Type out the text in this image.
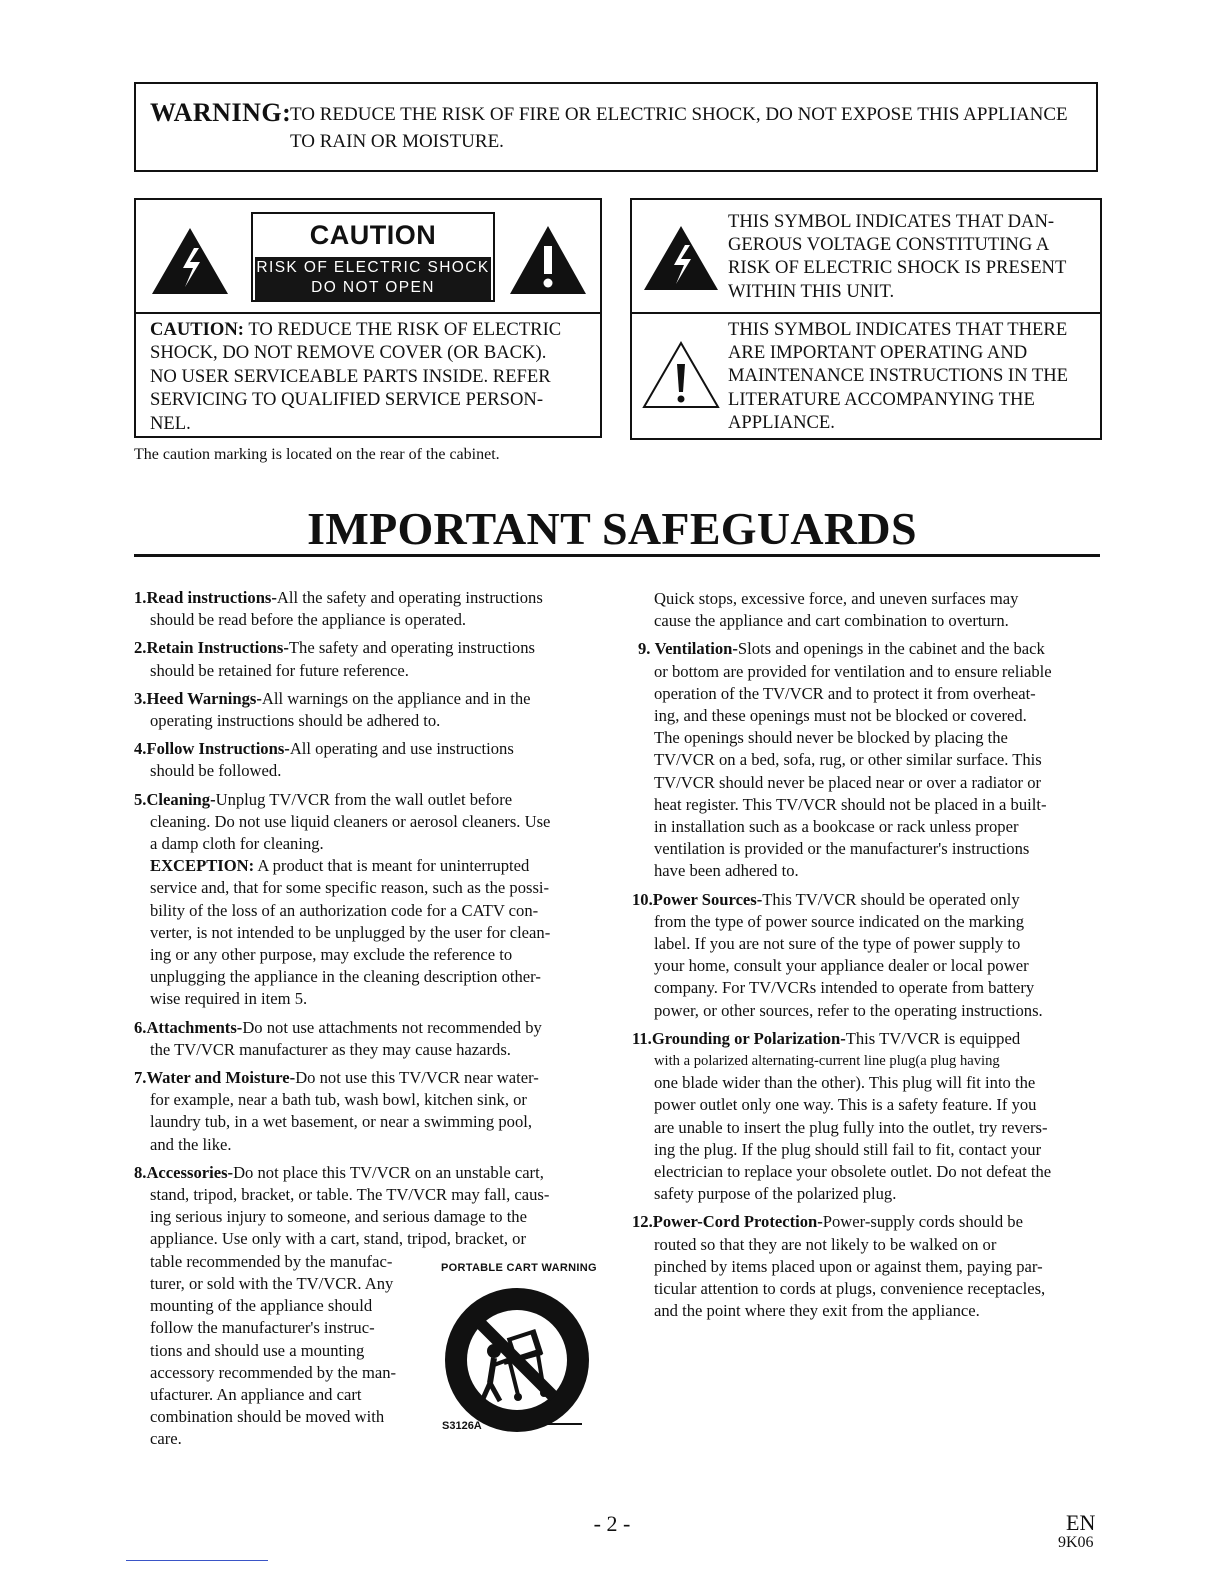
WARNING:
TO REDUCE THE RISK OF FIRE OR ELECTRIC SHOCK, DO NOT EXPOSE THIS APPLIANCE
TO RAIN OR MOISTURE.
CAUTION
RISK OF ELECTRIC SHOCK
DO NOT OPEN
CAUTION: TO REDUCE THE RISK OF ELECTRIC
SHOCK, DO NOT REMOVE COVER (OR BACK).
NO USER SERVICEABLE PARTS INSIDE. REFER
SERVICING TO QUALIFIED SERVICE PERSON-
NEL.
THIS SYMBOL INDICATES THAT DAN-
GEROUS VOLTAGE CONSTITUTING A
RISK OF ELECTRIC SHOCK IS PRESENT
WITHIN THIS UNIT.
THIS SYMBOL INDICATES THAT THERE
ARE IMPORTANT OPERATING AND
MAINTENANCE INSTRUCTIONS IN THE
LITERATURE ACCOMPANYING THE
APPLIANCE.
The caution marking is located on the rear of the cabinet.
IMPORTANT SAFEGUARDS
1.Read instructions-All the safety and operating instructions
should be read before the appliance is operated.
2.Retain Instructions-The safety and operating instructions
should be retained for future reference.
3.Heed Warnings-All warnings on the appliance and in the
operating instructions should be adhered to.
4.Follow Instructions-All operating and use instructions
should be followed.
5.Cleaning-Unplug TV/VCR from the wall outlet before
cleaning. Do not use liquid cleaners or aerosol cleaners. Use
a damp cloth for cleaning.
EXCEPTION: A product that is meant for uninterrupted
service and, that for some specific reason, such as the possi-
bility of the loss of an authorization code for a CATV con-
verter, is not intended to be unplugged by the user for clean-
ing or any other purpose, may exclude the reference to
unplugging the appliance in the cleaning description other-
wise required in item 5.
6.Attachments-Do not use attachments not recommended by
the TV/VCR manufacturer as they may cause hazards.
7.Water and Moisture-Do not use this TV/VCR near water-
for example, near a bath tub, wash bowl, kitchen sink, or
laundry tub, in a wet basement, or near a swimming pool,
and the like.
8.Accessories-Do not place this TV/VCR on an unstable cart,
stand, tripod, bracket, or table. The TV/VCR may fall, caus-
ing serious injury to someone, and serious damage to the
appliance. Use only with a cart, stand, tripod, bracket, or
table recommended by the manufac-
turer, or sold with the TV/VCR. Any
mounting of the appliance should
follow the manufacturer's instruc-
tions and should use a mounting
accessory recommended by the man-
ufacturer. An appliance and cart
combination should be moved with
care.
PORTABLE CART WARNING
S3126A
Quick stops, excessive force, and uneven surfaces may
cause the appliance and cart combination to overturn.
9. Ventilation-Slots and openings in the cabinet and the back
or bottom are provided for ventilation and to ensure reliable
operation of the TV/VCR and to protect it from overheat-
ing, and these openings must not be blocked or covered.
The openings should never be blocked by placing the
TV/VCR on a bed, sofa, rug, or other similar surface. This
TV/VCR should never be placed near or over a radiator or
heat register. This TV/VCR should not be placed in a built-
in installation such as a bookcase or rack unless proper
ventilation is provided or the manufacturer's instructions
have been adhered to.
10.Power Sources-This TV/VCR should be operated only
from the type of power source indicated on the marking
label. If you are not sure of the type of power supply to
your home, consult your appliance dealer or local power
company. For TV/VCRs intended to operate from battery
power, or other sources, refer to the operating instructions.
11.Grounding or Polarization-This TV/VCR is equipped
with a polarized alternating-current line plug(a plug having
one blade wider than the other). This plug will fit into the
power outlet only one way. This is a safety feature. If you
are unable to insert the plug fully into the outlet, try revers-
ing the plug. If the plug should still fail to fit, contact your
electrician to replace your obsolete outlet. Do not defeat the
safety purpose of the polarized plug.
12.Power-Cord Protection-Power-supply cords should be
routed so that they are not likely to be walked on or
pinched by items placed upon or against them, paying par-
ticular attention to cords at plugs, convenience receptacles,
and the point where they exit from the appliance.
- 2 -	EN
9K06
